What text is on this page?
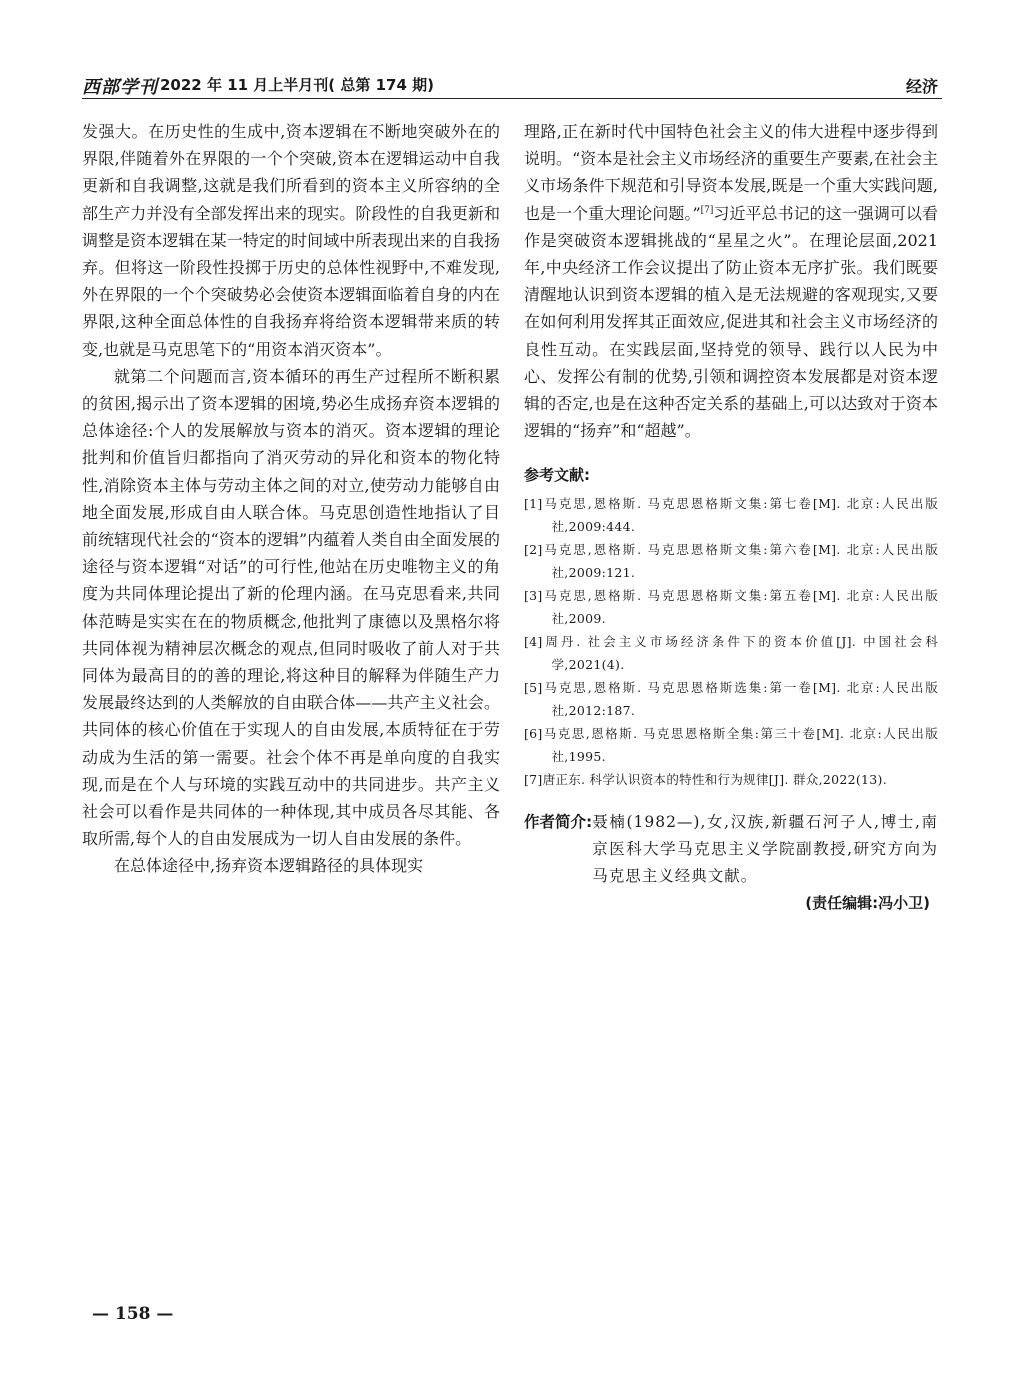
西部学刊 2022 年 11 月上半月刊( 总第 174 期)	经济

发强大。在历史性的生成中,资本逻辑在不断地突破外在的界限,伴随着外在界限的一个个突破,资本在逻辑运动中自我更新和自我调整,这就是我们所看到的资本主义所容纳的全部生产力并没有全部发挥出来的现实。阶段性的自我更新和调整是资本逻辑在某一特定的时间域中所表现出来的自我扬弃。但将这一阶段性投掷于历史的总体性视野中,不难发现,外在界限的一个个突破势必会使资本逻辑面临着自身的内在界限,这种全面总体性的自我扬弃将给资本逻辑带来质的转变,也就是马克思笔下的“用资本消灭资本”。

就第二个问题而言,资本循环的再生产过程所不断积累的贫困,揭示出了资本逻辑的困境,势必生成扬弃资本逻辑的总体途径:个人的发展解放与资本的消灭。资本逻辑的理论批判和价值旨归都指向了消灭劳动的异化和资本的物化特性,消除资本主体与劳动主体之间的对立,使劳动力能够自由地全面发展,形成自由人联合体。马克思创造性地指认了目前统辖现代社会的“资本的逻辑”内蕴着人类自由全面发展的途径与资本逻辑“对话”的可行性,他站在历史唯物主义的角度为共同体理论提出了新的伦理内涵。在马克思看来,共同体范畴是实实在在的物质概念,他批判了康德以及黑格尔将共同体视为精神层次概念的观点,但同时吸收了前人对于共同体为最高目的的善的理论,将这种目的解释为伴随生产力发展最终达到的人类解放的自由联合体——共产主义社会。共同体的核心价值在于实现人的自由发展,本质特征在于劳动成为生活的第一需要。社会个体不再是单向度的自我实现,而是在个人与环境的实践互动中的共同进步。共产主义社会可以看作是共同体的一种体现,其中成员各尽其能、各取所需,每个人的自由发展成为一切人自由发展的条件。

在总体途径中,扬弃资本逻辑路径的具体现实

理路,正在新时代中国特色社会主义的伟大进程中逐步得到说明。“资本是社会主义市场经济的重要生产要素,在社会主义市场条件下规范和引导资本发展,既是一个重大实践问题,也是一个重大理论问题。”[7]习近平总书记的这一强调可以看作是突破资本逻辑挑战的“星星之火”。在理论层面,2021年,中央经济工作会议提出了防止资本无序扩张。我们既要清醒地认识到资本逻辑的植入是无法规避的客观现实,又要在如何利用发挥其正面效应,促进其和社会主义市场经济的良性互动。在实践层面,坚持党的领导、践行以人民为中心、发挥公有制的优势,引领和调控资本发展都是对资本逻辑的否定,也是在这种否定关系的基础上,可以达致对于资本逻辑的“扬弃”和“超越”。

参考文献:
[1]马克思,恩格斯. 马克思恩格斯文集:第七卷[M]. 北京:人民出版社,2009:444.
[2]马克思,恩格斯. 马克思恩格斯文集:第六卷[M]. 北京:人民出版社,2009:121.
[3]马克思,恩格斯. 马克思恩格斯文集:第五卷[M]. 北京:人民出版社,2009.
[4]周丹. 社会主义市场经济条件下的资本价值[J]. 中国社会科学,2021(4).
[5]马克思,恩格斯. 马克思恩格斯选集:第一卷[M]. 北京:人民出版社,2012:187.
[6]马克思,恩格斯. 马克思恩格斯全集:第三十卷[M]. 北京:人民出版社,1995.
[7]唐正东. 科学认识资本的特性和行为规律[J]. 群众,2022(13).
作者简介: 聂楠(1982—),女,汉族,新疆石河子人,博士,南京医科大学马克思主义学院副教授,研究方向为马克思主义经典文献。
(责任编辑:冯小卫)
— 158 —
